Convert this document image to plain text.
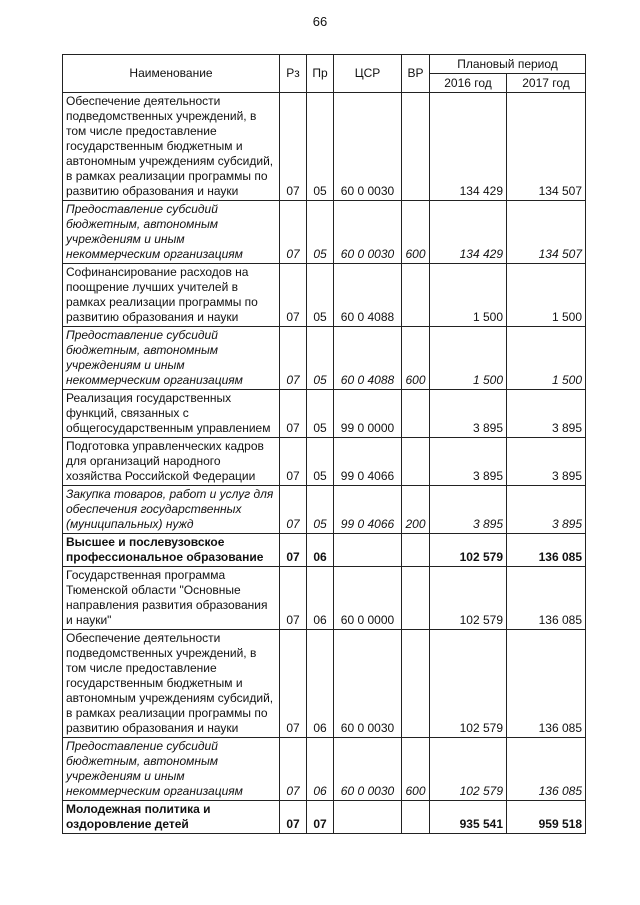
66
Наименование	Рз	Пр	ЦСР	ВР	Плановый период	
					2016 год	2017 год
Обеспечение деятельности подведомственных учреждений, в том числе предоставление государственным бюджетным и автономным учреждениям субсидий, в рамках реализации программы по развитию образования и науки	07	05	60 0 0030		134 429	134 507
Предоставление субсидий бюджетным, автономным учреждениям и иным некоммерческим организациям	07	05	60 0 0030	600	134 429	134 507
Софинансирование расходов на поощрение лучших учителей в рамках реализации программы по развитию образования и науки	07	05	60 0 4088		1 500	1 500
Предоставление субсидий бюджетным, автономным учреждениям и иным некоммерческим организациям	07	05	60 0 4088	600	1 500	1 500
Реализация государственных функций, связанных с общегосударственным управлением	07	05	99 0 0000		3 895	3 895
Подготовка управленческих кадров для организаций народного хозяйства Российской Федерации	07	05	99 0 4066		3 895	3 895
Закупка товаров, работ и услуг для обеспечения государственных (муниципальных) нужд	07	05	99 0 4066	200	3 895	3 895
Высшее и послевузовское профессиональное образование	07	06			102 579	136 085
Государственная программа Тюменской области "Основные направления развития образования и науки"	07	06	60 0 0000		102 579	136 085
Обеспечение деятельности подведомственных учреждений, в том числе предоставление государственным бюджетным и автономным учреждениям субсидий, в рамках реализации программы по развитию образования и науки	07	06	60 0 0030		102 579	136 085
Предоставление субсидий бюджетным, автономным учреждениям и иным некоммерческим организациям	07	06	60 0 0030	600	102 579	136 085
Молодежная политика и оздоровление детей	07	07			935 541	959 518
